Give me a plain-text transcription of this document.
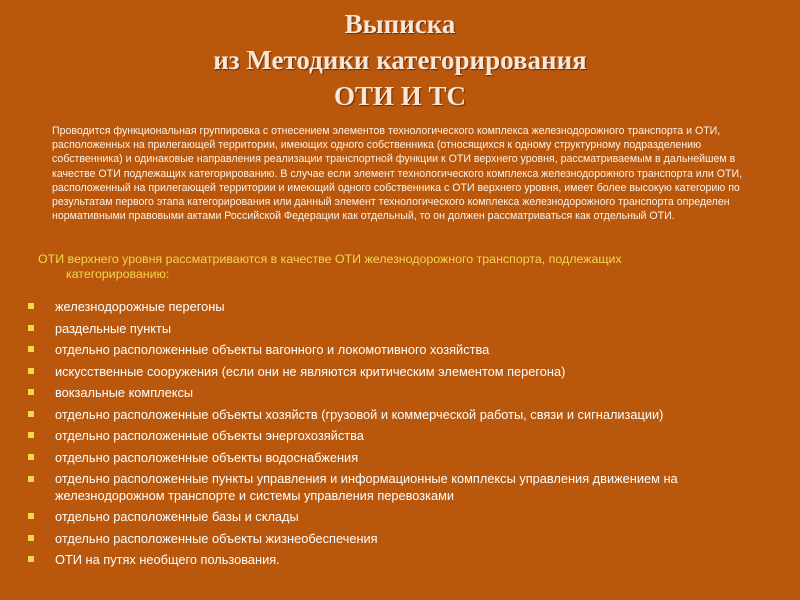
Выписка
из Методики категорирования
ОТИ И ТС
Проводится функциональная группировка с отнесением элементов технологического комплекса железнодорожного транспорта и ОТИ, расположенных на прилегающей территории, имеющих одного собственника (относящихся к одному структурному подразделению собственника) и одинаковые направления реализации транспортной функции к ОТИ верхнего уровня, рассматриваемым в дальнейшем в качестве ОТИ подлежащих категорированию. В случае если элемент технологического комплекса железнодорожного транспорта или ОТИ, расположенный на прилегающей территории и имеющий одного собственника с ОТИ верхнего уровня, имеет более высокую категорию по результатам первого этапа категорирования или данный элемент технологического комплекса железнодорожного транспорта определен нормативными правовыми актами Российской Федерации как отдельный, то он должен рассматриваться как отдельный ОТИ.
ОТИ верхнего уровня рассматриваются в качестве ОТИ железнодорожного транспорта, подлежащих
категорированию:
железнодорожные перегоны
раздельные пункты
отдельно расположенные объекты вагонного и локомотивного хозяйства
искусственные сооружения (если они не являются критическим элементом перегона)
вокзальные комплексы
отдельно расположенные объекты хозяйств (грузовой и коммерческой работы, связи и сигнализации)
отдельно расположенные объекты энергохозяйства
отдельно расположенные объекты водоснабжения
отдельно расположенные пункты управления и информационные комплексы управления движением на железнодорожном транспорте и системы управления перевозками
отдельно расположенные базы и склады
отдельно расположенные объекты жизнеобеспечения
ОТИ на путях необщего пользования.
